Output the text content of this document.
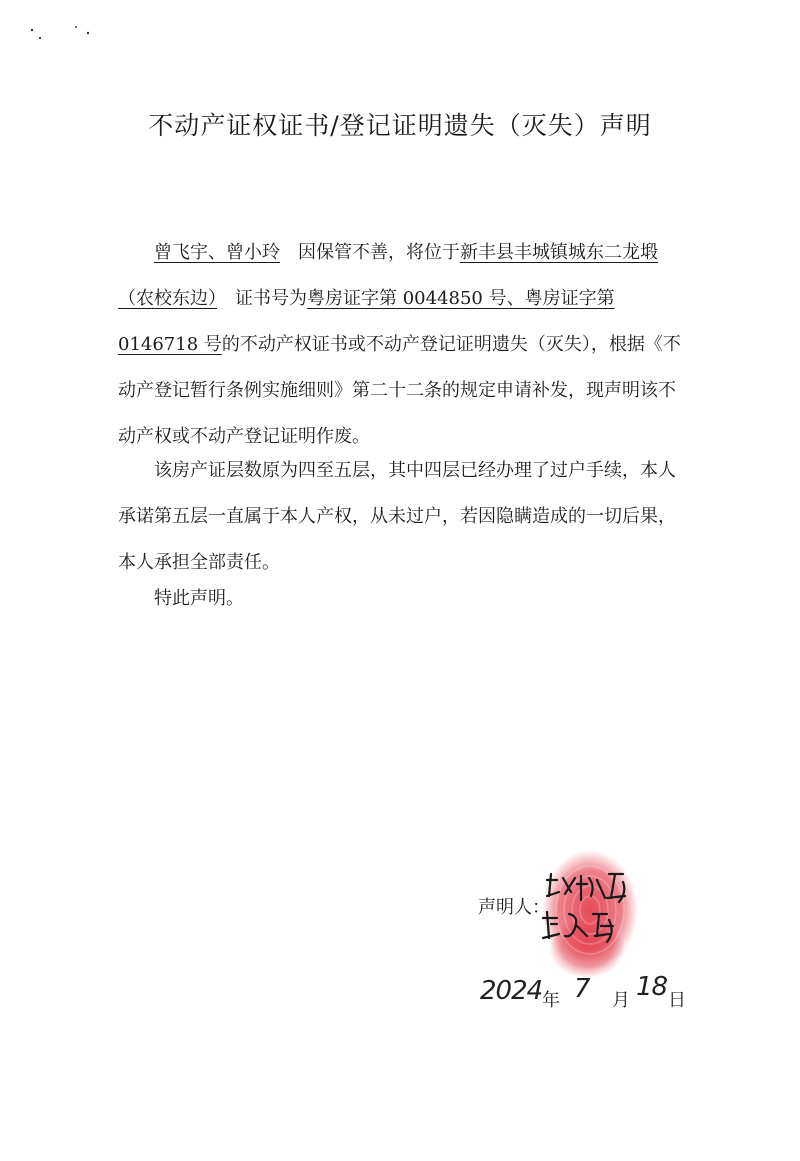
不动产证权证书/登记证明遗失（灭失）声明

曾飞宇、曾小玲　 因保管不善，将位于新丰县丰城镇城东二龙塅（农校东边）　 证书号为粤房证字第 0044850 号、粤房证字第 0146718 号的不动产权证书或不动产登记证明遗失（灭失），根据《不动产登记暂行条例实施细则》第二十二条的规定申请补发，现声明该不动产权或不动产登记证明作废。

该房产证层数原为四至五层，其中四层已经办理了过户手续，本人承诺第五层一直属于本人产权，从未过户，若因隐瞒造成的一切后果，本人承担全部责任。

特此声明。

声明人：
2024 年 7 月 18 日
